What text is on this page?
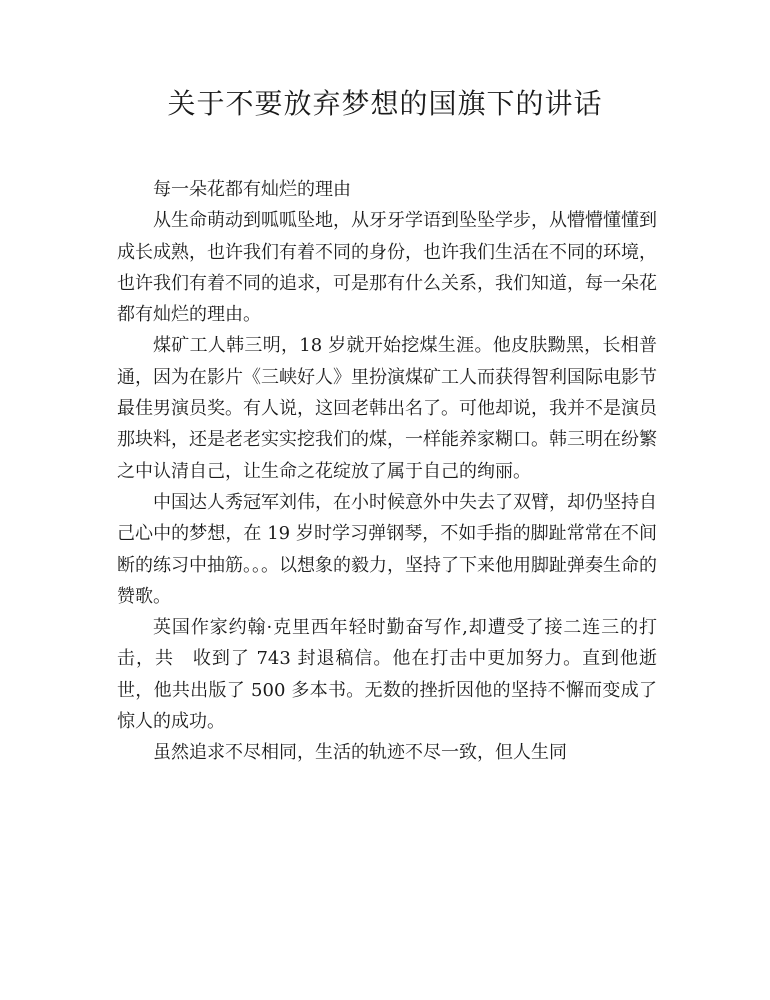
关于不要放弃梦想的国旗下的讲话

每一朵花都有灿烂的理由

从生命萌动到呱呱坠地，从牙牙学语到坠坠学步，从懵懵懂懂到成长成熟，也许我们有着不同的身份，也许我们生活在不同的环境，也许我们有着不同的追求，可是那有什么关系，我们知道，每一朵花都有灿烂的理由。

煤矿工人韩三明，18 岁就开始挖煤生涯。他皮肤黝黑，长相普通，因为在影片《三峡好人》里扮演煤矿工人而获得智利国际电影节最佳男演员奖。有人说，这回老韩出名了。可他却说，我并不是演员那块料，还是老老实实挖我们的煤，一样能养家糊口。韩三明在纷繁之中认清自己，让生命之花绽放了属于自己的绚丽。

中国达人秀冠军刘伟，在小时候意外中失去了双臂，却仍坚持自己心中的梦想，在 19 岁时学习弹钢琴，不如手指的脚趾常常在不间断的练习中抽筋。。。以想象的毅力，坚持了下来他用脚趾弹奏生命的赞歌。

英国作家约翰·克里西年轻时勤奋写作,却遭受了接二连三的打击，共　收到了 743 封退稿信。他在打击中更加努力。直到他逝世，他共出版了 500 多本书。无数的挫折因他的坚持不懈而变成了惊人的成功。

虽然追求不尽相同，生活的轨迹不尽一致，但人生同
